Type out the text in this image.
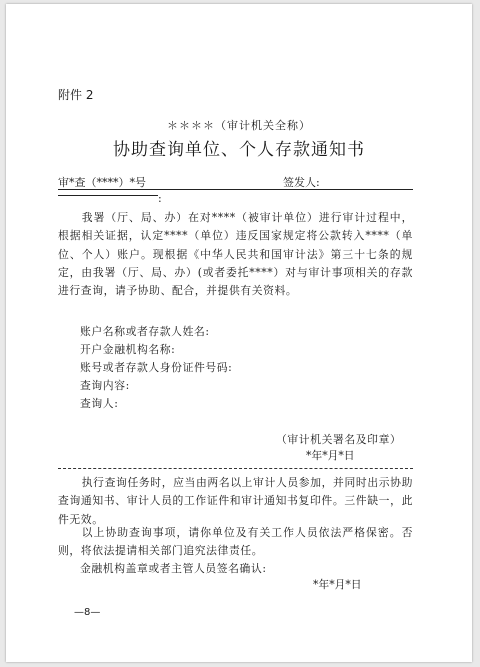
附件 2
＊＊＊＊（审计机关全称）
协助查询单位、个人存款通知书
审*查（****）*号	签发人:
:
我署（厅、局、办）在对****（被审计单位）进行审计过程中，根据相关证据，认定****（单位）违反国家规定将公款转入****（单位、个人）账户。现根据《中华人民共和国审计法》第三十七条的规定，由我署（厅、局、办）(或者委托****）对与审计事项相关的存款进行查询，请予协助、配合，并提供有关资料。
账户名称或者存款人姓名:
开户金融机构名称:
账号或者存款人身份证件号码:
查询内容:
查询人:
（审计机关署名及印章）
*年*月*日
执行查询任务时，应当由两名以上审计人员参加，并同时出示协助查询通知书、审计人员的工作证件和审计通知书复印件。三件缺一，此件无效。
以上协助查询事项，请你单位及有关工作人员依法严格保密。否则，将依法提请相关部门追究法律责任。
金融机构盖章或者主管人员签名确认:
*年*月*日
—8—
